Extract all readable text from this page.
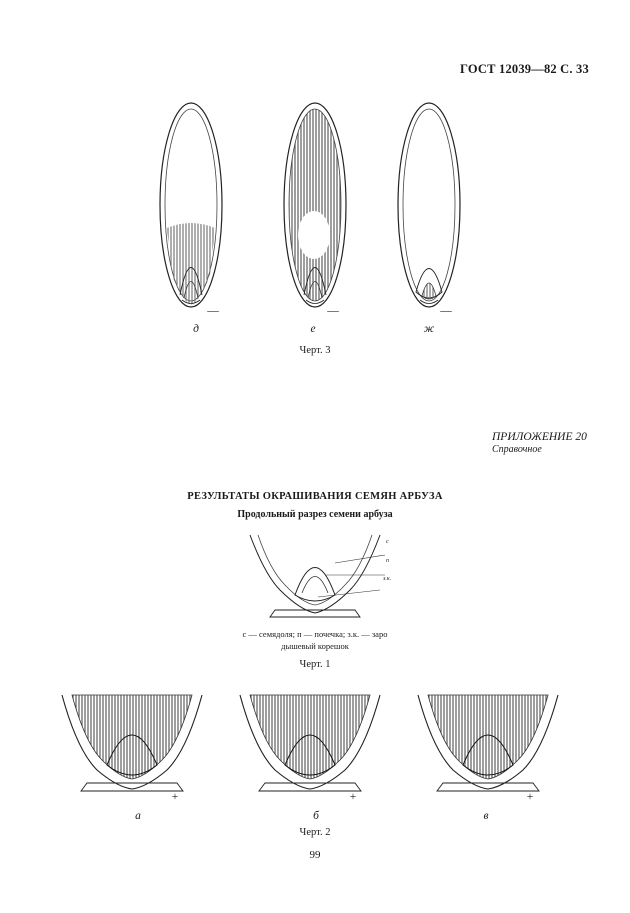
ГОСТ 12039—82 С. 33
д
—
е
—
ж
—
Черт. 3
ПРИЛОЖЕНИЕ 20
Справочное
РЕЗУЛЬТАТЫ ОКРАШИВАНИЯ СЕМЯН АРБУЗА
Продольный разрез семени арбуза
с
п
з.к.
с — семядоля; п — почечка; з.к. — заро
дышевый корешок
Черт. 1
а
+
б
+
в
+
Черт. 2
99
